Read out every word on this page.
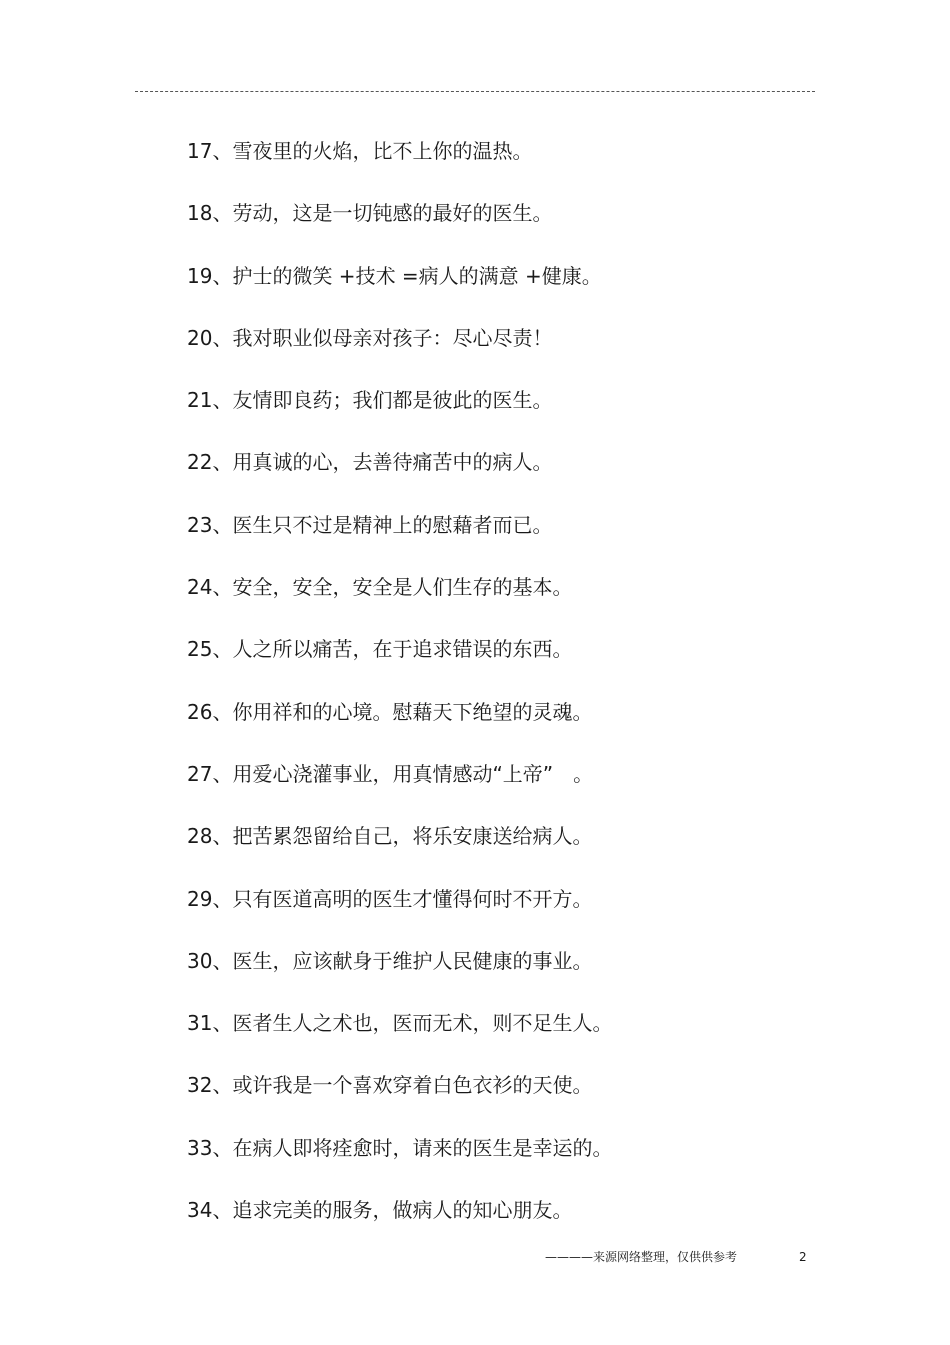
17、雪夜里的火焰，比不上你的温热。
18、劳动，这是一切钝感的最好的医生。
19、护士的微笑 +技术 =病人的满意 +健康。
20、我对职业似母亲对孩子：尽心尽责！
21、友情即良药；我们都是彼此的医生。
22、用真诚的心，去善待痛苦中的病人。
23、医生只不过是精神上的慰藉者而已。
24、安全，安全，安全是人们生存的基本。
25、人之所以痛苦，在于追求错误的东西。
26、你用祥和的心境。慰藉天下绝望的灵魂。
27、用爱心浇灌事业，用真情感动“上帝”　。
28、把苦累怨留给自己，将乐安康送给病人。
29、只有医道高明的医生才懂得何时不开方。
30、医生，应该献身于维护人民健康的事业。
31、医者生人之术也，医而无术，则不足生人。
32、或许我是一个喜欢穿着白色衣衫的天使。
33、在病人即将痊愈时，请来的医生是幸运的。
34、追求完美的服务，做病人的知心朋友。
————来源网络整理，仅供供参考	2
